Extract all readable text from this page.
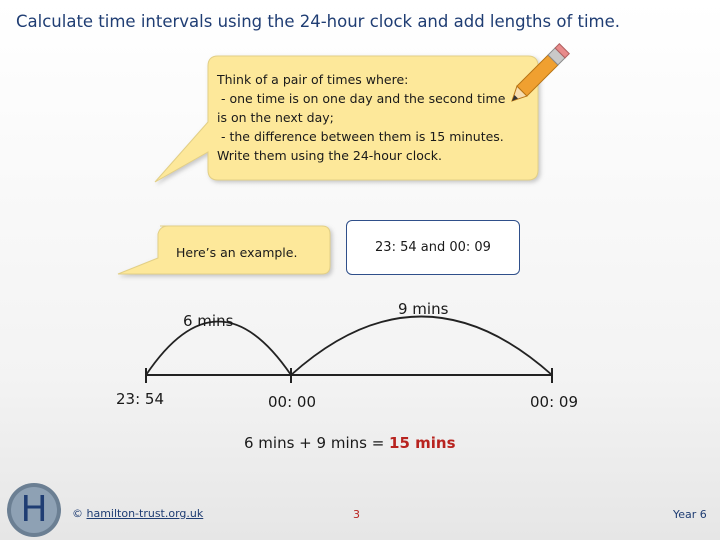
Calculate time intervals using the 24-hour clock and add lengths of time.
Think of a pair of times where:
- one time is on one day and the second time
is on the next day;
- the difference between them is 15 minutes.
Write them using the 24-hour clock.
Here’s an example.	23: 54 and 00: 09
6 mins
9 mins
23: 54	00: 00	00: 09
6 mins + 9 mins = 15 mins
H © hamilton-trust.org.uk	3	Year 6
